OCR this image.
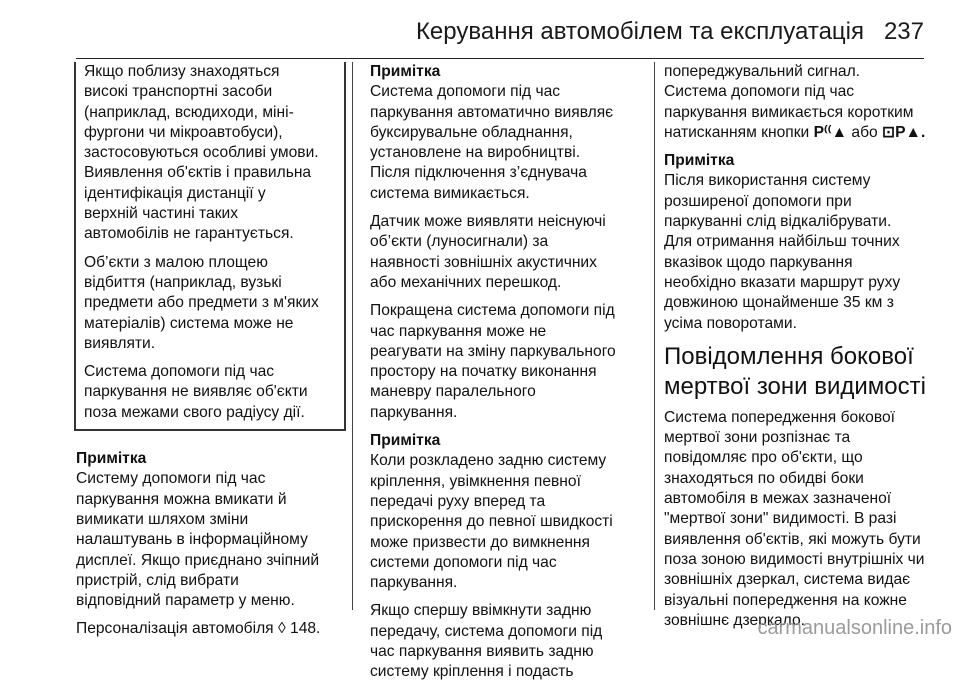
Керування автомобілем та експлуатація 237

Якщо поблизу знаходяться
високі транспортні засоби
(наприклад, всюдиходи, міні-
фургони чи мікроавтобуси),
застосовуються особливі умови.
Виявлення об'єктів і правильна
ідентифікація дистанції у
верхній частині таких
автомобілів не гарантується.

Об’єкти з малою площею
відбиття (наприклад, вузькі
предмети або предмети з м'яких
матеріалів) система може не
виявляти.

Система допомоги під час
паркування не виявляє об'єкти
поза межами свого радіусу дії.

Примітка

Систему допомоги під час
паркування можна вмикати й
вимикати шляхом зміни
налаштувань в інформаційному
дисплеї. Якщо приєднано зчіпний
пристрій, слід вибрати
відповідний параметр у меню.

Персоналізація автомобіля ◊ 148.

Примітка

Система допомоги під час
паркування автоматично виявляє
буксирувальне обладнання,
установлене на виробництві.
Після підключення з’єднувача
система вимикається.

Датчик може виявляти неіснуючі
об’єкти (луносигнали) за
наявності зовнішніх акустичних
або механічних перешкод.

Покращена система допомоги під
час паркування може не
реагувати на зміну паркувального
простору на початку виконання
маневру паралельного
паркування.

Примітка

Коли розкладено задню систему
кріплення, увімкнення певної
передачі руху вперед та
прискорення до певної швидкості
може призвести до вимкнення
системи допомоги під час
паркування.

Якщо спершу ввімкнути задню
передачу, система допомоги під
час паркування виявить задню
систему кріплення і подасть

попереджувальний сигнал.
Система допомоги під час
паркування вимикається коротким
натисканням кнопки P⁽⁽▲ або ⊡P▲.

Примітка

Після використання систему
розширеної допомоги при
паркуванні слід відкалібрувати.
Для отримання найбільш точних
вказівок щодо паркування
необхідно вказати маршрут руху
довжиною щонайменше 35 км з
усіма поворотами.

Повідомлення бокової
мертвої зони видимості

Система попередження бокової
мертвої зони розпізнає та
повідомляє про об'єкти, що
знаходяться по обидві боки
автомобіля в межах зазначеної
"мертвої зони" видимості. В разі
виявлення об'єктів, які можуть бути
поза зоною видимості внутрішніх чи
зовнішніх дзеркал, система видає
візуальні попередження на кожне
зовнішнє дзеркало.

carmanualsonline.info
